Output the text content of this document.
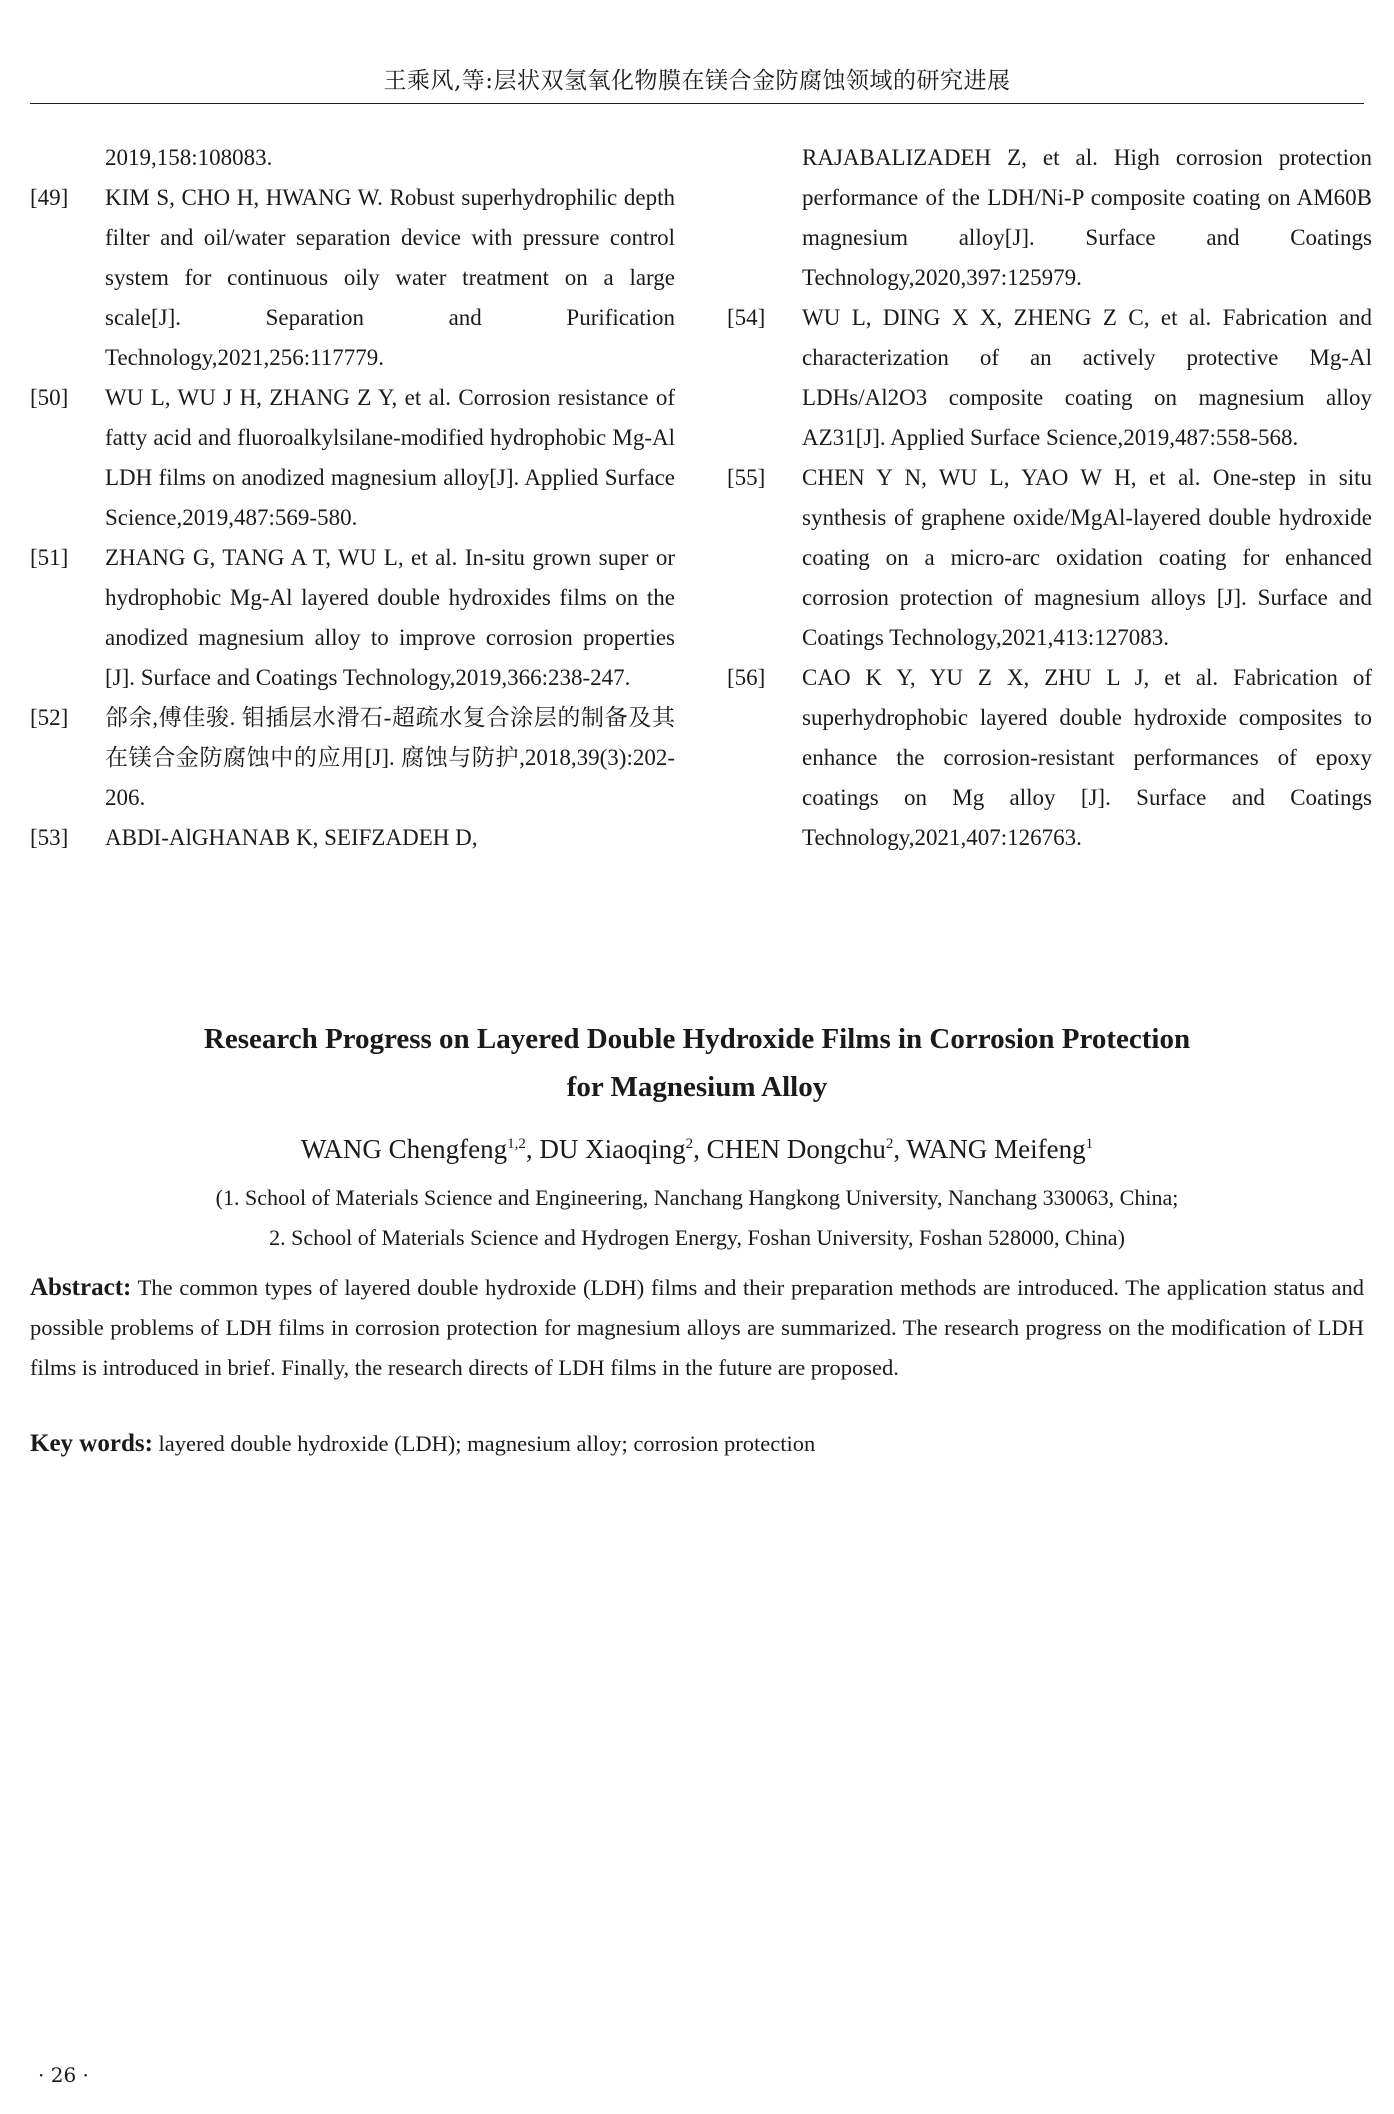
王乘风,等:层状双氢氧化物膜在镁合金防腐蚀领域的研究进展
2019,158:108083.
[49]	KIM S, CHO H, HWANG W. Robust superhydrophilic depth filter and oil/water separation device with pressure control system for continuous oily water treatment on a large scale[J]. Separation and Purification Technology,2021,256:117779.
[50]	WU L, WU J H, ZHANG Z Y, et al. Corrosion resistance of fatty acid and fluoroalkylsilane-modified hydrophobic Mg-Al LDH films on anodized magnesium alloy[J]. Applied Surface Science,2019,487:569-580.
[51]	ZHANG G, TANG A T, WU L, et al. In-situ grown super or hydrophobic Mg-Al layered double hydroxides films on the anodized magnesium alloy to improve corrosion properties [J]. Surface and Coatings Technology,2019,366:238-247.
[52]	郃余,傅佳骏. 钼插层水滑石-超疏水复合涂层的制备及其在镁合金防腐蚀中的应用[J]. 腐蚀与防护,2018,39(3):202-206.
[53]	ABDI-AlGHANAB K, SEIFZADEH D,
RAJABALIZADEH Z, et al. High corrosion protection performance of the LDH/Ni-P composite coating on AM60B magnesium alloy[J]. Surface and Coatings Technology,2020,397:125979.
[54]	WU L, DING X X, ZHENG Z C, et al. Fabrication and characterization of an actively protective Mg-Al LDHs/Al2O3 composite coating on magnesium alloy AZ31[J]. Applied Surface Science,2019,487:558-568.
[55]	CHEN Y N, WU L, YAO W H, et al. One-step in situ synthesis of graphene oxide/MgAl-layered double hydroxide coating on a micro-arc oxidation coating for enhanced corrosion protection of magnesium alloys [J]. Surface and Coatings Technology,2021,413:127083.
[56]	CAO K Y, YU Z X, ZHU L J, et al. Fabrication of superhydrophobic layered double hydroxide composites to enhance the corrosion-resistant performances of epoxy coatings on Mg alloy [J]. Surface and Coatings Technology,2021,407:126763.
Research Progress on Layered Double Hydroxide Films in Corrosion Protection
for Magnesium Alloy
WANG Chengfeng$^{1,2}$, DU Xiaoqing$^2$, CHEN Dongchu$^2$, WANG Meifeng$^1$
(1. School of Materials Science and Engineering, Nanchang Hangkong University, Nanchang 330063, China;
2. School of Materials Science and Hydrogen Energy, Foshan University, Foshan 528000, China)
Abstract: The common types of layered double hydroxide (LDH) films and their preparation methods are introduced. The application status and possible problems of LDH films in corrosion protection for magnesium alloys are summarized. The research progress on the modification of LDH films is introduced in brief. Finally, the research directs of LDH films in the future are proposed.
Key words: layered double hydroxide (LDH); magnesium alloy; corrosion protection
· 26 ·
